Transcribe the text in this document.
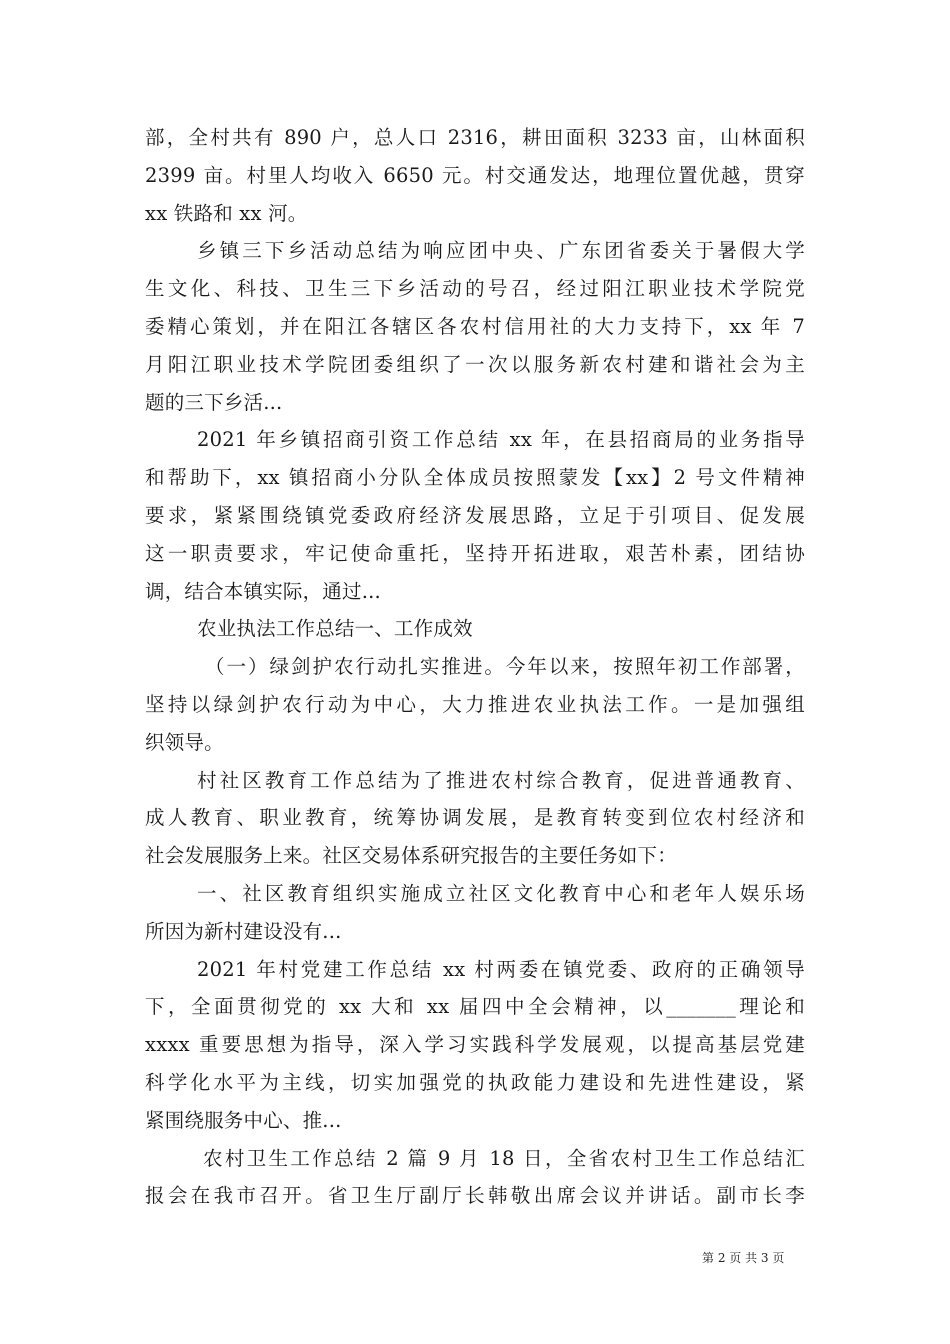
部，全村共有 890 户，总人口 2316，耕田面积 3233 亩，山林面积
2399 亩。村里人均收入 6650 元。村交通发达，地理位置优越，贯穿
xx 铁路和 xx 河。
乡镇三下乡活动总结为响应团中央、广东团省委关于暑假大学
生文化、科技、卫生三下乡活动的号召，经过阳江职业技术学院党
委精心策划，并在阳江各辖区各农村信用社的大力支持下，xx 年 7
月阳江职业技术学院团委组织了一次以服务新农村建和谐社会为主
题的三下乡活...
2021 年乡镇招商引资工作总结 xx 年，在县招商局的业务指导
和帮助下，xx 镇招商小分队全体成员按照蒙发【xx】2 号文件精神
要求，紧紧围绕镇党委政府经济发展思路，立足于引项目、促发展
这一职责要求，牢记使命重托，坚持开拓进取，艰苦朴素，团结协
调，结合本镇实际，通过...
农业执法工作总结一、工作成效
（一）绿剑护农行动扎实推进。今年以来，按照年初工作部署，
坚持以绿剑护农行动为中心，大力推进农业执法工作。一是加强组
织领导。
村社区教育工作总结为了推进农村综合教育，促进普通教育、
成人教育、职业教育，统筹协调发展，是教育转变到位农村经济和
社会发展服务上来。社区交易体系研究报告的主要任务如下：
一、社区教育组织实施成立社区文化教育中心和老年人娱乐场
所因为新村建设没有...
2021 年村党建工作总结 xx 村两委在镇党委、政府的正确领导
下，全面贯彻党的 xx 大和 xx 届四中全会精神，以_______理论和
xxxx 重要思想为指导，深入学习实践科学发展观，以提高基层党建
科学化水平为主线，切实加强党的执政能力建设和先进性建设，紧
紧围绕服务中心、推...
农村卫生工作总结 2 篇 9 月 18 日，全省农村卫生工作总结汇
报会在我市召开。省卫生厅副厅长韩敬出席会议并讲话。副市长李
第 2 页 共 3 页
